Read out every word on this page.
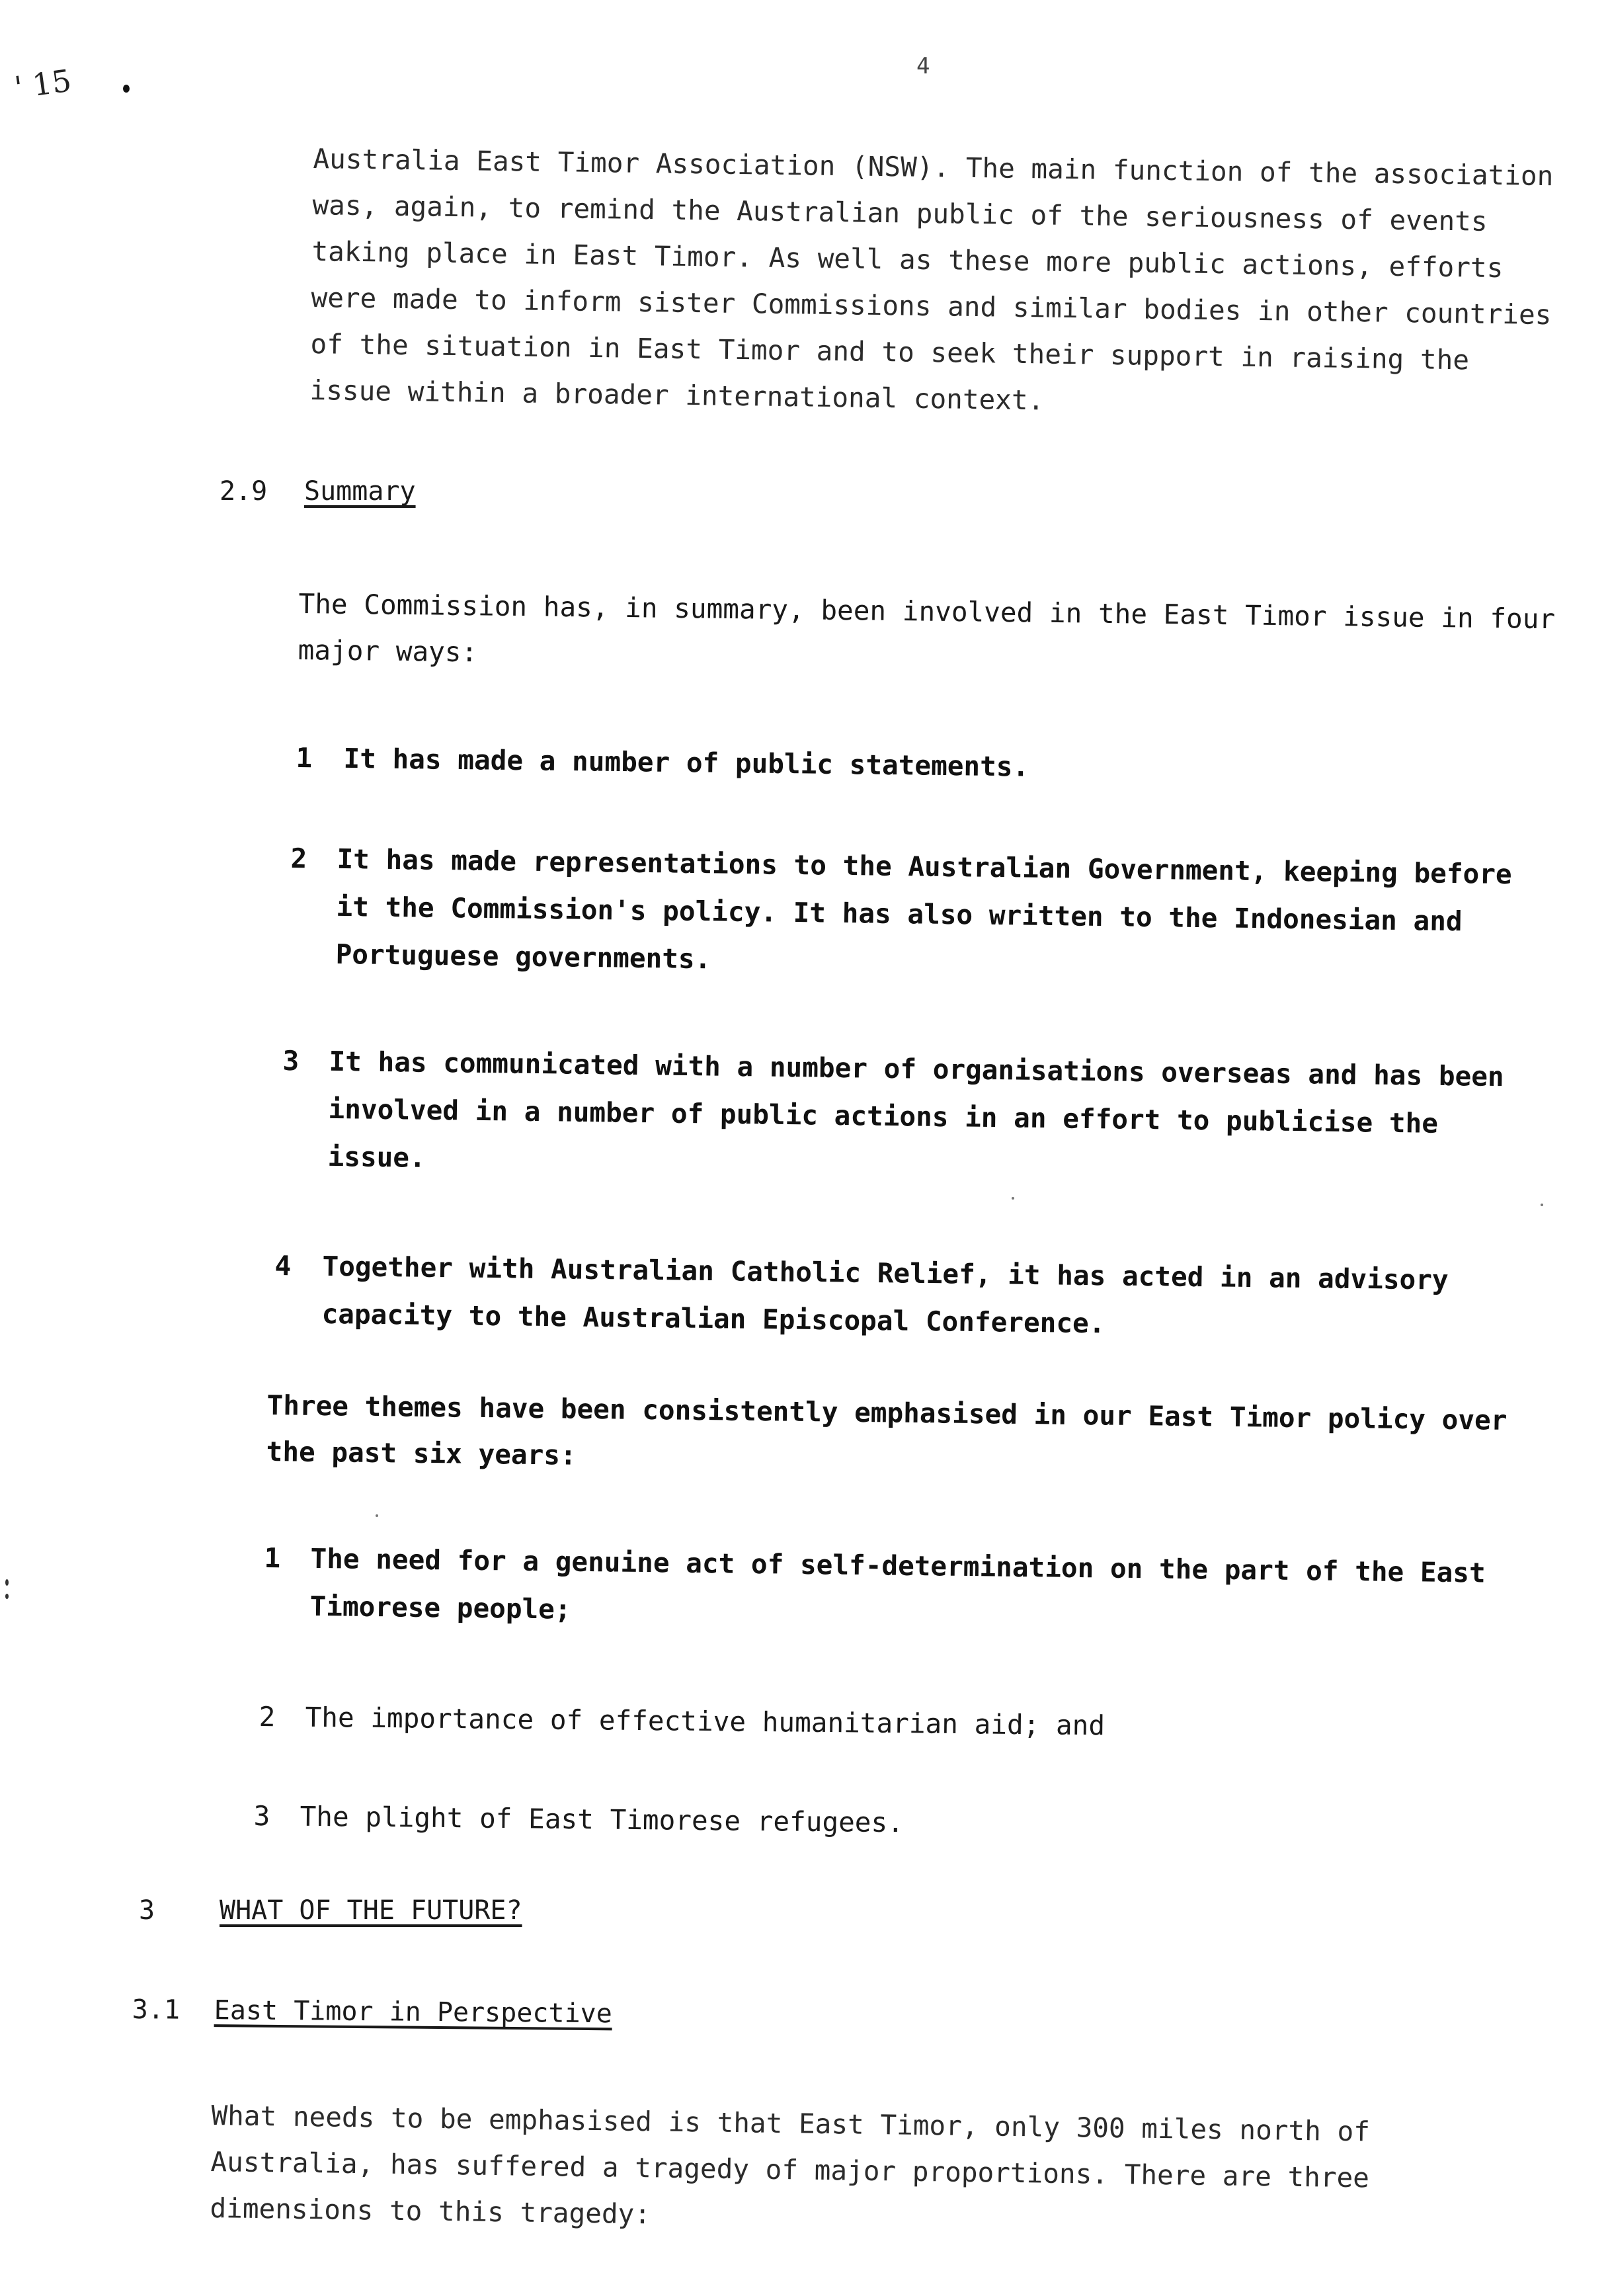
' 15	4
Australia East Timor Association (NSW). The main function of the association
was, again, to remind the Australian public of the seriousness of events
taking place in East Timor. As well as these more public actions, efforts
were made to inform sister Commissions and similar bodies in other countries
of the situation in East Timor and to seek their support in raising the
issue within a broader international context.
2.9 Summary
The Commission has, in summary, been involved in the East Timor issue in four
major ways:
1 It has made a number of public statements.
2 It has made representations to the Australian Government, keeping before
it the Commission's policy. It has also written to the Indonesian and
Portuguese governments.
3 It has communicated with a number of organisations overseas and has been
involved in a number of public actions in an effort to publicise the
issue.
4 Together with Australian Catholic Relief, it has acted in an advisory
capacity to the Australian Episcopal Conference.
Three themes have been consistently emphasised in our East Timor policy over
the past six years:
1 The need for a genuine act of self-determination on the part of the East
Timorese people;
2 The importance of effective humanitarian aid; and
3 The plight of East Timorese refugees.
3 WHAT OF THE FUTURE?
3.1 East Timor in Perspective
What needs to be emphasised is that East Timor, only 300 miles north of
Australia, has suffered a tragedy of major proportions. There are three
dimensions to this tragedy:
